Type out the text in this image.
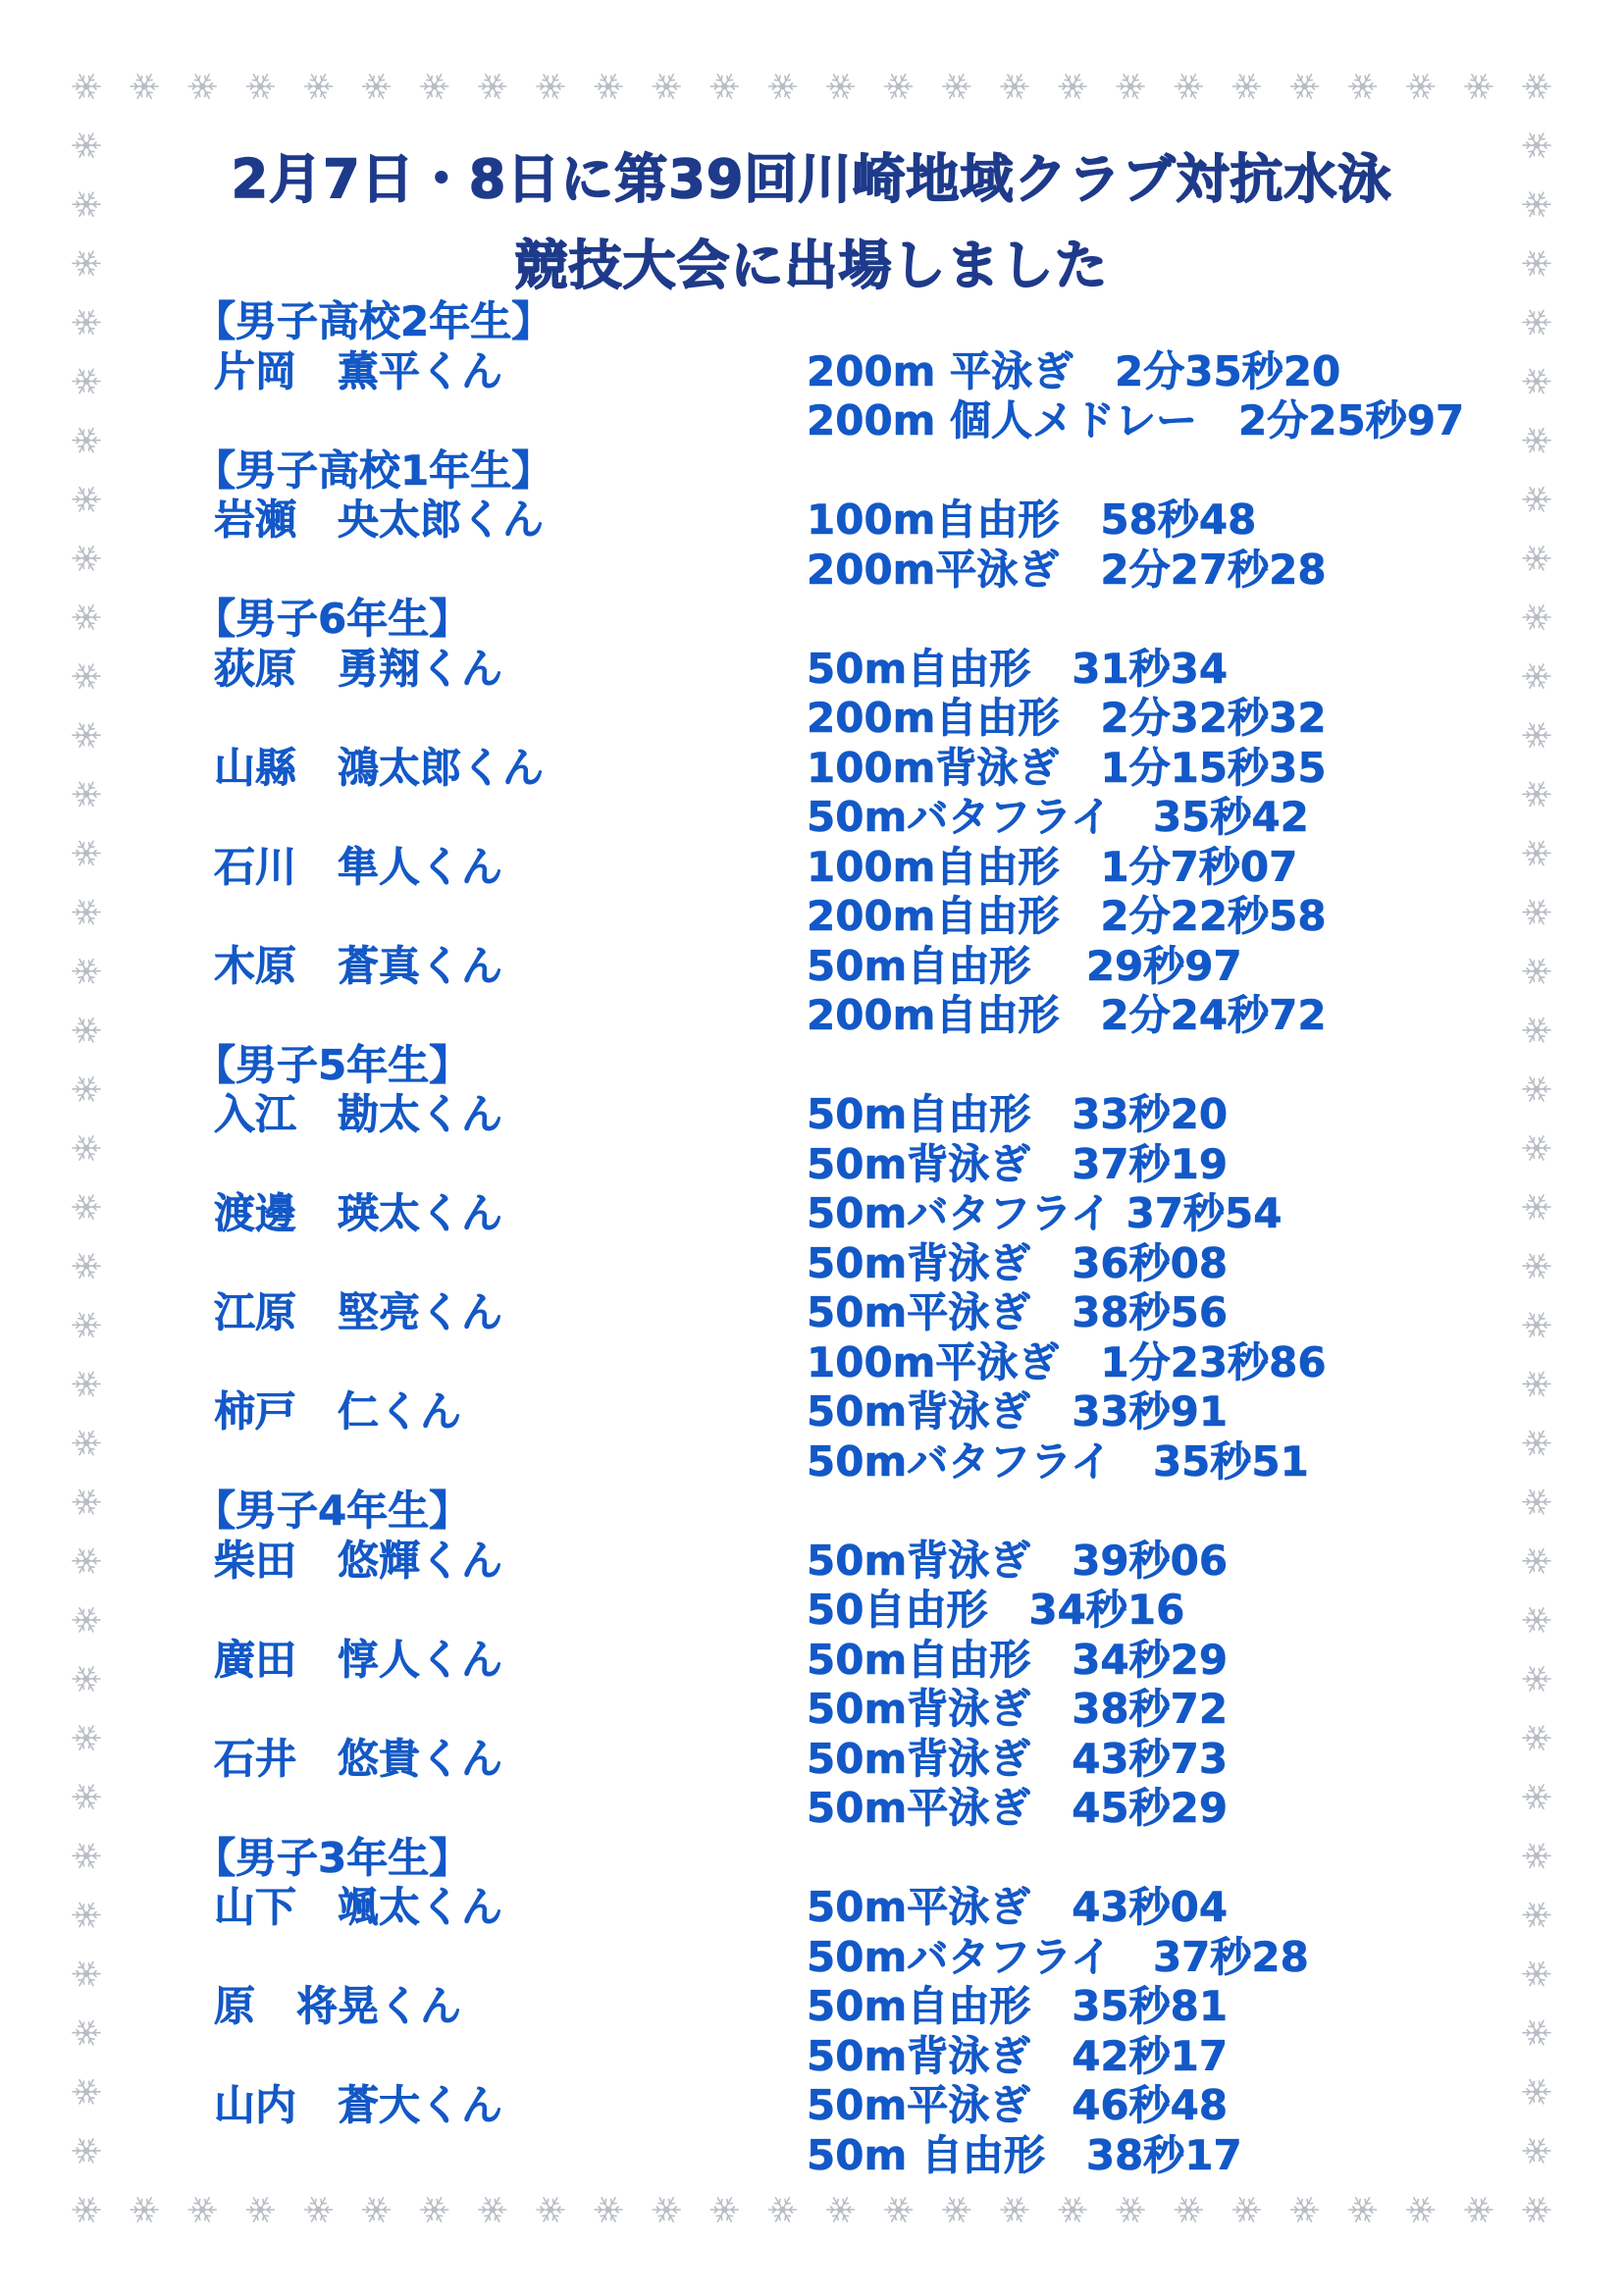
2月7日・8日に第39回川崎地域クラブ対抗水泳
競技大会に出場しました
【男子高校2年生】
片岡　薫平くん	200m 平泳ぎ　2分35秒20
200m 個人メドレー　2分25秒97
【男子高校1年生】
岩瀬　央太郎くん	100m自由形　58秒48
200m平泳ぎ　2分27秒28
【男子6年生】
荻原　勇翔くん	50m自由形　31秒34
200m自由形　2分32秒32
山縣　鴻太郎くん	100m背泳ぎ　1分15秒35
50mバタフライ　35秒42
石川　隼人くん	100m自由形　1分7秒07
200m自由形　2分22秒58
木原　蒼真くん	50m自由形　 29秒97
200m自由形　2分24秒72
【男子5年生】
入江　勘太くん	50m自由形　33秒20
50m背泳ぎ　37秒19
渡邊　瑛太くん	50mバタフライ 37秒54
50m背泳ぎ　36秒08
江原　堅亮くん	50m平泳ぎ　38秒56
100m平泳ぎ　1分23秒86
柿戸　仁くん	50m背泳ぎ　33秒91
50mバタフライ　35秒51
【男子4年生】
柴田　悠輝くん	50m背泳ぎ　39秒06
50自由形　34秒16
廣田　惇人くん	50m自由形　34秒29
50m背泳ぎ　38秒72
石井　悠貴くん	50m背泳ぎ　43秒73
50m平泳ぎ　45秒29
【男子3年生】
山下　颯太くん	50m平泳ぎ　43秒04
50mバタフライ　37秒28
原　将晃くん	50m自由形　35秒81
50m背泳ぎ　42秒17
山内　蒼大くん	50m平泳ぎ　46秒48
50m 自由形　38秒17
